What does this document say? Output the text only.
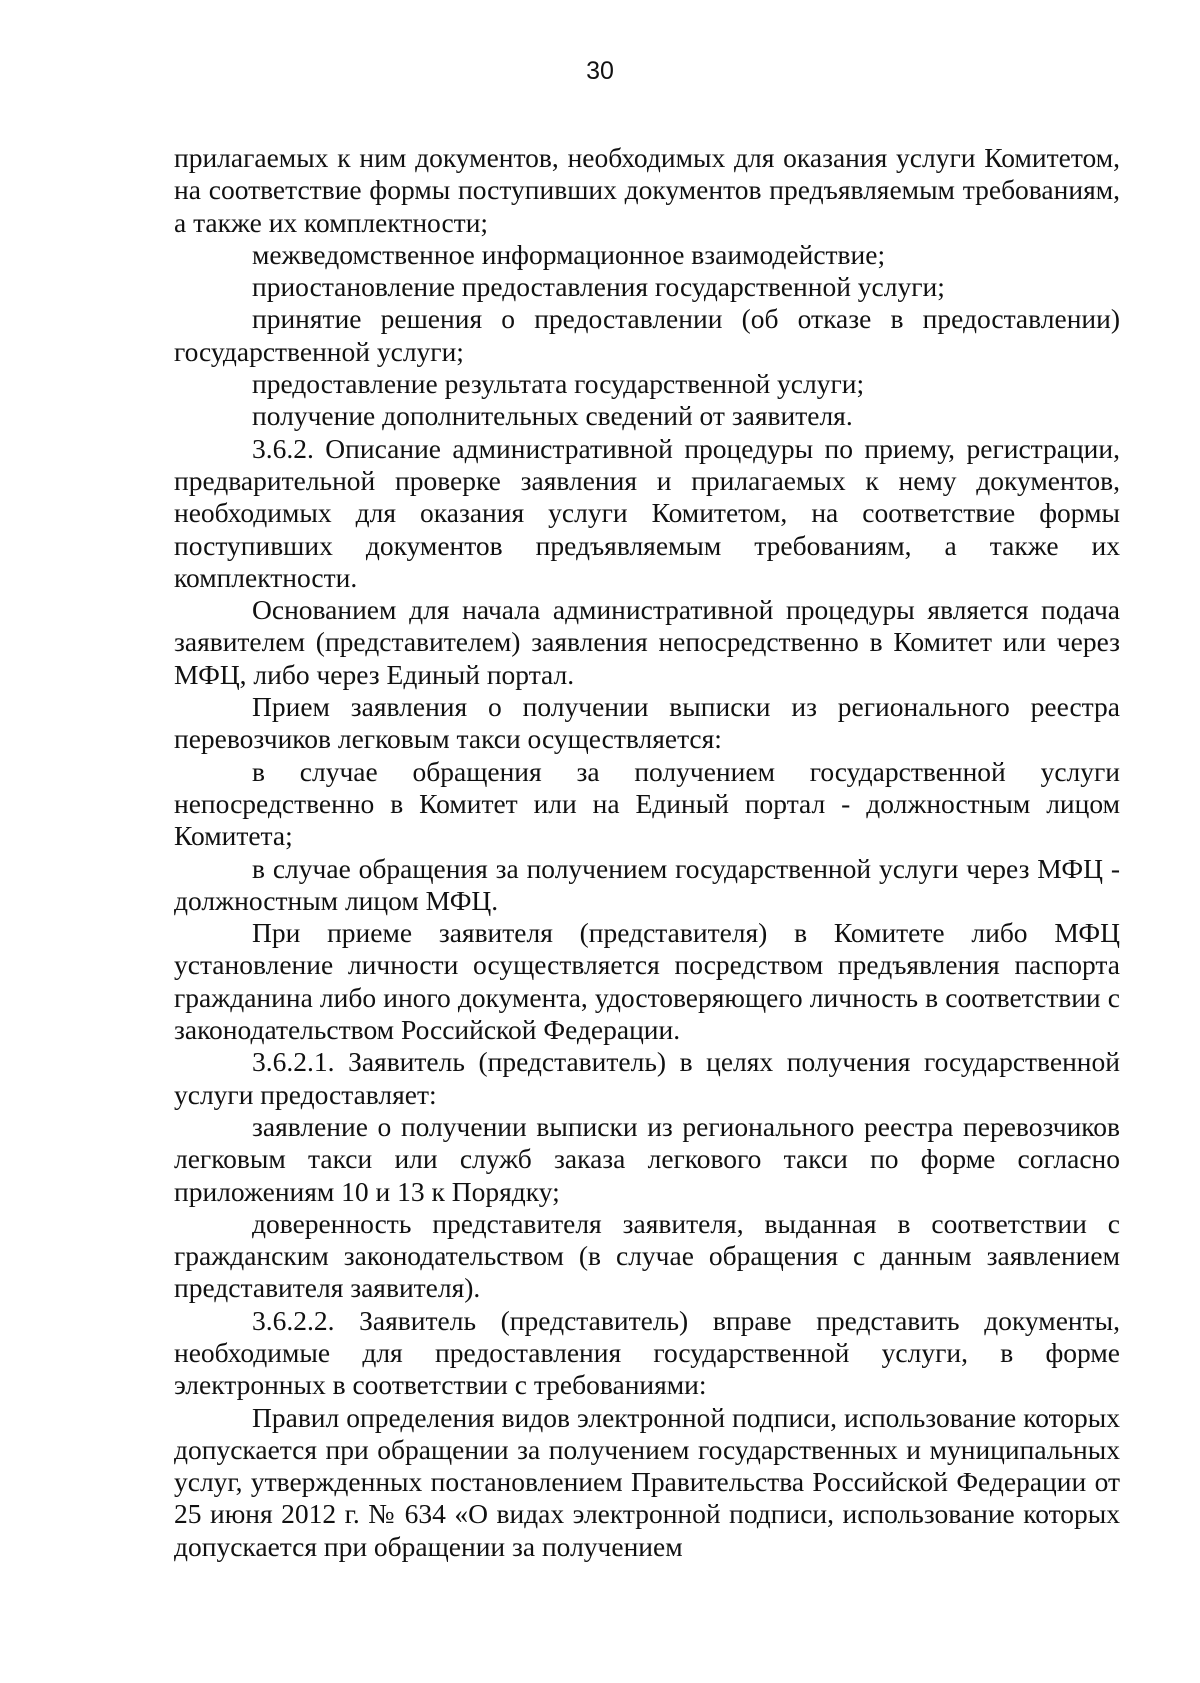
30

прилагаемых к ним документов, необходимых для оказания услуги Комитетом, на соответствие формы поступивших документов предъявляемым требованиям, а также их комплектности;

межведомственное информационное взаимодействие;

приостановление предоставления государственной услуги;

принятие решения о предоставлении (об отказе в предоставлении) государственной услуги;

предоставление результата государственной услуги;

получение дополнительных сведений от заявителя.

3.6.2. Описание административной процедуры по приему, регистрации, предварительной проверке заявления и прилагаемых к нему документов, необходимых для оказания услуги Комитетом, на соответствие формы поступивших документов предъявляемым требованиям, а также их комплектности.

Основанием для начала административной процедуры является подача заявителем (представителем) заявления непосредственно в Комитет или через МФЦ, либо через Единый портал.

Прием заявления о получении выписки из регионального реестра перевозчиков легковым такси осуществляется:

в случае обращения за получением государственной услуги непосредственно в Комитет или на Единый портал - должностным лицом Комитета;

в случае обращения за получением государственной услуги через МФЦ - должностным лицом МФЦ.

При приеме заявителя (представителя) в Комитете либо МФЦ установление личности осуществляется посредством предъявления паспорта гражданина либо иного документа, удостоверяющего личность в соответствии с законодательством Российской Федерации.

3.6.2.1. Заявитель (представитель) в целях получения государственной услуги предоставляет:

заявление о получении выписки из регионального реестра перевозчиков легковым такси или служб заказа легкового такси по форме согласно приложениям 10 и 13 к Порядку;

доверенность представителя заявителя, выданная в соответствии с гражданским законодательством (в случае обращения с данным заявлением представителя заявителя).

3.6.2.2. Заявитель (представитель) вправе представить документы, необходимые для предоставления государственной услуги, в форме электронных в соответствии с требованиями:

Правил определения видов электронной подписи, использование которых допускается при обращении за получением государственных и муниципальных услуг, утвержденных постановлением Правительства Российской Федерации от 25 июня 2012 г. № 634 «О видах электронной подписи, использование которых допускается при обращении за получением
